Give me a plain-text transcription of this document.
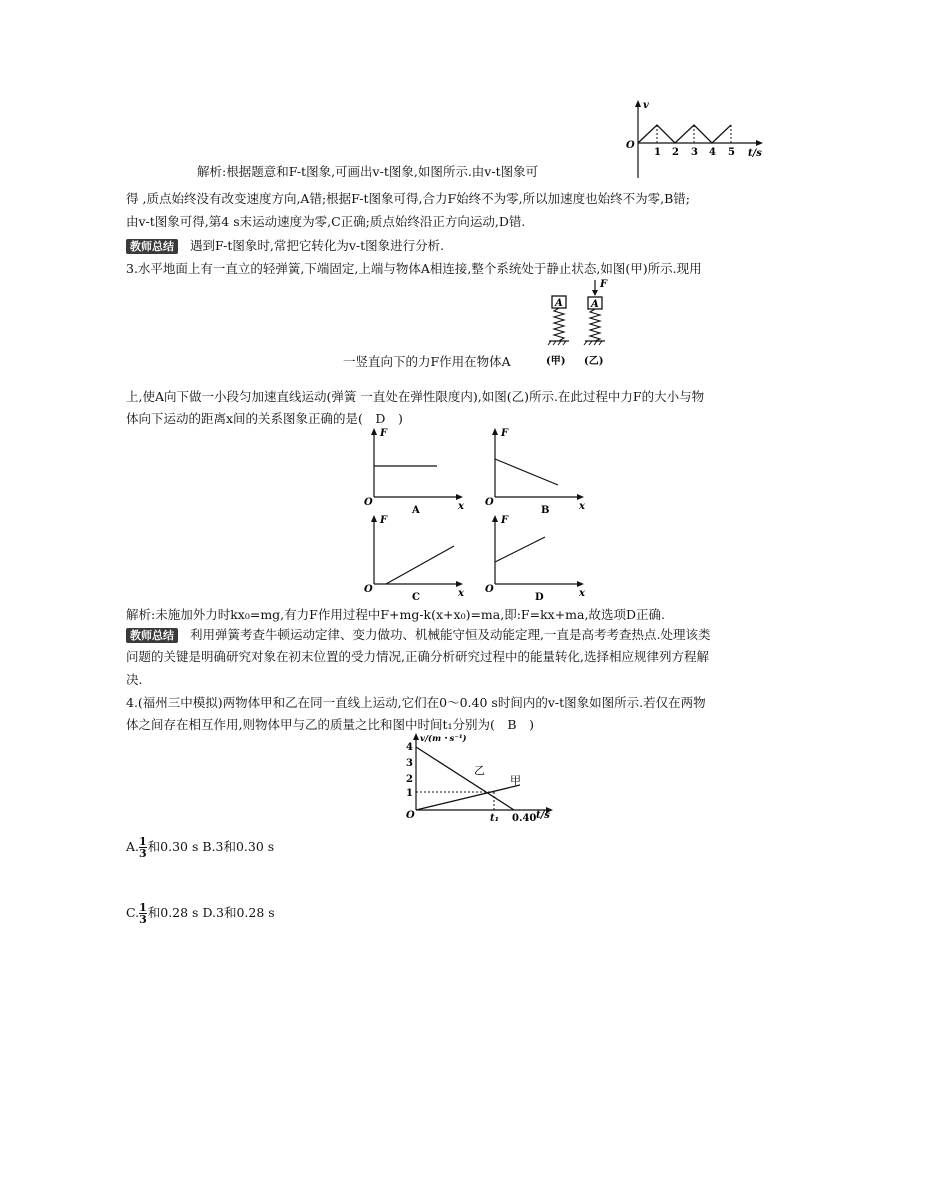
v
O
t/s
1 2 3 4 5
解析:根据题意和F-t图象,可画出v-t图象,如图所示.由v-t图象可
得 ,质点始终没有改变速度方向,A错;根据F-t图象可得,合力F始终不为零,所以加速度也始终不为零,B错;
由v-t图象可得,第4 s末运动速度为零,C正确;质点始终沿正方向运动,D错.
教师总结 遇到F-t图象时,常把它转化为v-t图象进行分析.
3.水平地面上有一直立的轻弹簧,下端固定,上端与物体A相连接,整个系统处于静止状态,如图(甲)所示.现用
A
(甲)
F
A
(乙)
一竖直向下的力F作用在物体A
上,使A向下做一小段匀加速直线运动(弹簧 一直处在弹性限度内),如图(乙)所示.在此过程中力F的大小与物
体向下运动的距离x间的关系图象正确的是(　D　)
F
O	x
A
F
O	x
B
F
O	x
C
F
O	x
D
解析:未施加外力时kx₀=mg,有力F作用过程中F+mg-k(x+x₀)=ma,即:F=kx+ma,故选项D正确.
教师总结 利用弹簧考查牛顿运动定律、变力做功、机械能守恒及动能定理,一直是高考考查热点.处理该类
问题的关键是明确研究对象在初末位置的受力情况,正确分析研究过程中的能量转化,选择相应规律列方程解
决.
4.(福州三中模拟)两物体甲和乙在同一直线上运动,它们在0～0.40 s时间内的v-t图象如图所示.若仅在两物
体之间存在相互作用,则物体甲与乙的质量之比和图中时间t₁分别为(　B　)
v/(m・s⁻¹)
4
3
2
1
O
乙
甲
t₁ 0.40 t/s
A. $\frac{1}{3}$ 和0.30 s B.3和0.30 s
C. $\frac{1}{3}$ 和0.28 s D.3和0.28 s
